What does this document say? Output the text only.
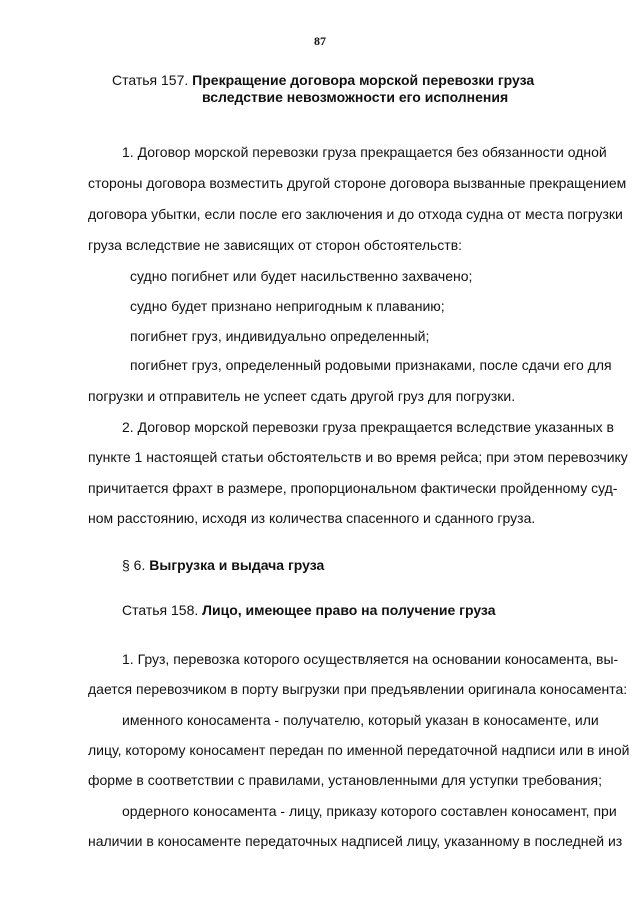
87
Статья 157. Прекращение договора морской перевозки груза
вследствие невозможности его исполнения
1. Договор морской перевозки груза прекращается без обязанности одной
стороны договора возместить другой стороне договора вызванные прекращением
договора убытки, если после его заключения и до отхода судна от места погрузки
груза вследствие не зависящих от сторон обстоятельств:
судно погибнет или будет насильственно захвачено;
судно будет признано непригодным к плаванию;
погибнет груз, индивидуально определенный;
погибнет груз, определенный родовыми признаками, после сдачи его для
погрузки и отправитель не успеет сдать другой груз для погрузки.
2. Договор морской перевозки груза прекращается вследствие указанных в
пункте 1 настоящей статьи обстоятельств и во время рейса; при этом перевозчику
причитается фрахт в размере, пропорциональном фактически пройденному суд-
ном расстоянию, исходя из количества спасенного и сданного груза.
§ 6. Выгрузка и выдача груза
Статья 158. Лицо, имеющее право на получение груза
1. Груз, перевозка которого осуществляется на основании коносамента, вы-
дается перевозчиком в порту выгрузки при предъявлении оригинала коносамента:
именного коносамента - получателю, который указан в коносаменте, или
лицу, которому коносамент передан по именной передаточной надписи или в иной
форме в соответствии с правилами, установленными для уступки требования;
ордерного коносамента - лицу, приказу которого составлен коносамент, при
наличии в коносаменте передаточных надписей лицу, указанному в последней из
